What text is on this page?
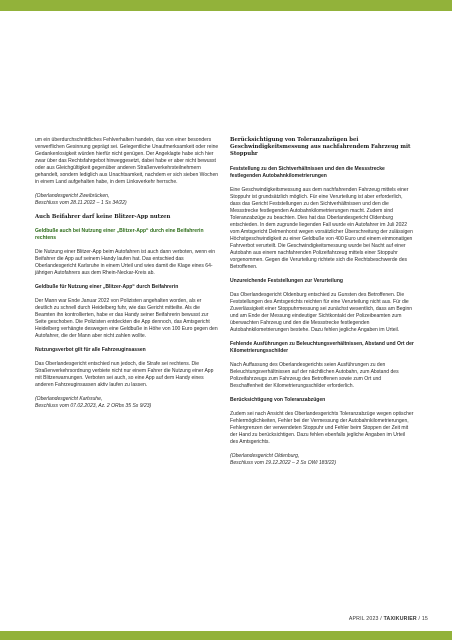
um ein überdurchschnittliches Fehlverhalten handeln, das von einer besonders verwerflichen Gesinnung geprägt sei. Gelegentliche Unaufmerksamkeit oder reine Gedankenlosigkeit würden hierfür nicht genügen. Der Angeklagte habe sich hier zwar über das Rechtsfahrgebot hinweggesetzt, dabei habe er aber nicht bewusst oder aus Gleichgültigkeit gegenüber anderen Straßenverkehrsteilnehmern gehandelt, sondern lediglich aus Unachtsamkeit, nachdem er sich sieben Wochen in einem Land aufgehalten habe, in dem Linksverkehr herrsche.

(Oberlandesgericht Zweibrücken,
Beschluss vom 28.11.2022 – 1 Ss 34/22)

Auch Beifahrer darf keine Blitzer-App nutzen

Geldbuße auch bei Nutzung einer „Blitzer-App“ durch eine Beifahrerin rechtens

Die Nutzung einer Blitzer-App beim Autofahren ist auch dann verboten, wenn ein Beifahrer die App auf seinem Handy laufen hat. Das entschied das Oberlandesgericht Karlsruhe in einem Urteil und wies damit die Klage eines 64-jährigen Autofahrers aus dem Rhein-Neckar-Kreis ab.

Geldbuße für Nutzung einer „Blitzer-App“ durch Beifahrerin

Der Mann war Ende Januar 2022 von Polizisten angehalten worden, als er deutlich zu schnell durch Heidelberg fuhr, wie das Gericht mitteilte. Als die Beamten ihn kontrollierten, habe er das Handy seiner Beifahrerin bewusst zur Seite geschoben. Die Polizisten entdeckten die App dennoch, das Amtsgericht Heidelberg verhängte deswegen eine Geldbuße in Höhe von 100 Euro gegen den Autofahrer, die der Mann aber nicht zahlen wollte.

Nutzungsverbot gilt für alle Fahrzeuginsassen

Das Oberlandesgericht entschied nun jedoch, die Strafe sei rechtens. Die Straßenverkehrsordnung verbiete nicht nur einem Fahrer die Nutzung einer App mit Blitzerwarnungen. Verboten sei auch, so eine App auf dem Handy eines anderen Fahrzeuginsassen aktiv laufen zu lassen.

(Oberlandesgericht Karlsruhe,
Beschluss vom 07.02.2023, Az. 2 ORbs 35 Ss 9/23)

Berücksichtigung von Toleranzabzügen bei Geschwindigkeitsmessung aus nachfahrendem Fahrzeug mit Stoppuhr

Feststellung zu den Sichtverhältnissen und den die Messstrecke festlegenden Autobahnkilometrierungen

Eine Geschwindigkeitsmessung aus dem nachfahrenden Fahrzeug mittels einer Stoppuhr ist grundsätzlich möglich. Für eine Verurteilung ist aber erforderlich, dass das Gericht Feststellungen zu den Sichtverhältnissen und den die Messstrecke festlegenden Autobahnkilometrierungen macht. Zudem sind Toleranzabzüge zu beachten. Dies hat das Oberlandesgericht Oldenburg entschieden. In dem zugrunde liegenden Fall wurde ein Autofahrer im Juli 2022 vom Amtsgericht Delmenhorst wegen vorsätzlicher Überschreitung der zulässigen Höchstgeschwindigkeit zu einer Geldbuße von 400 Euro und einem einmonatigen Fahrverbot verurteilt. Die Geschwindigkeitsmessung wurde bei Nacht auf einer Autobahn aus einem nachfahrenden Polizeifahrzeug mittels einer Stoppuhr vorgenommen. Gegen die Verurteilung richtete sich die Rechtsbeschwerde des Betroffenen.

Unzureichende Feststellungen zur Verurteilung

Das Oberlandesgericht Oldenburg entschied zu Gunsten des Betroffenen. Die Feststellungen des Amtsgerichts reichten für eine Verurteilung nicht aus. Für die Zuverlässigkeit einer Stoppuhrmessung sei zunächst wesentlich, dass am Beginn und am Ende der Messung eindeutiger Sichtkontakt der Polizeibeamten zum überwachten Fahrzeug und den die Messstrecke festlegenden Autobahnkilometrierungen bestehe. Dazu fehlen jegliche Angaben im Urteil.

Fehlende Ausführungen zu Beleuchtungsverhältnissen, Abstand und Ort der Kilometrierungsschilder

Nach Auffassung des Oberlandesgerichts seien Ausführungen zu den Beleuchtungsverhältnissen auf der nächtlichen Autobahn, zum Abstand des Polizeifahrzeugs zum Fahrzeug des Betroffenen sowie zum Ort und Beschaffenheit der Kilometrierungsschilder erforderlich.

Berücksichtigung von Toleranzabzügen

Zudem sei nach Ansicht des Oberlandesgerichts Toleranzabzüge wegen optischer Fehlermöglichkeiten, Fehler bei der Vermessung der Autobahnkilometrierungen, Fehlergrenzen der verwendeten Stoppuhr und Fehler beim Stoppen der Zeit mit der Hand zu berücksichtigen. Dazu fehlen ebenfalls jegliche Angaben im Urteil des Amtsgerichts.

(Oberlandesgericht Oldenburg,
Beschluss vom 19.12.2022 – 2 Ss OWi 183/22)

APRIL 2023 / TAXIKURIER / 15
